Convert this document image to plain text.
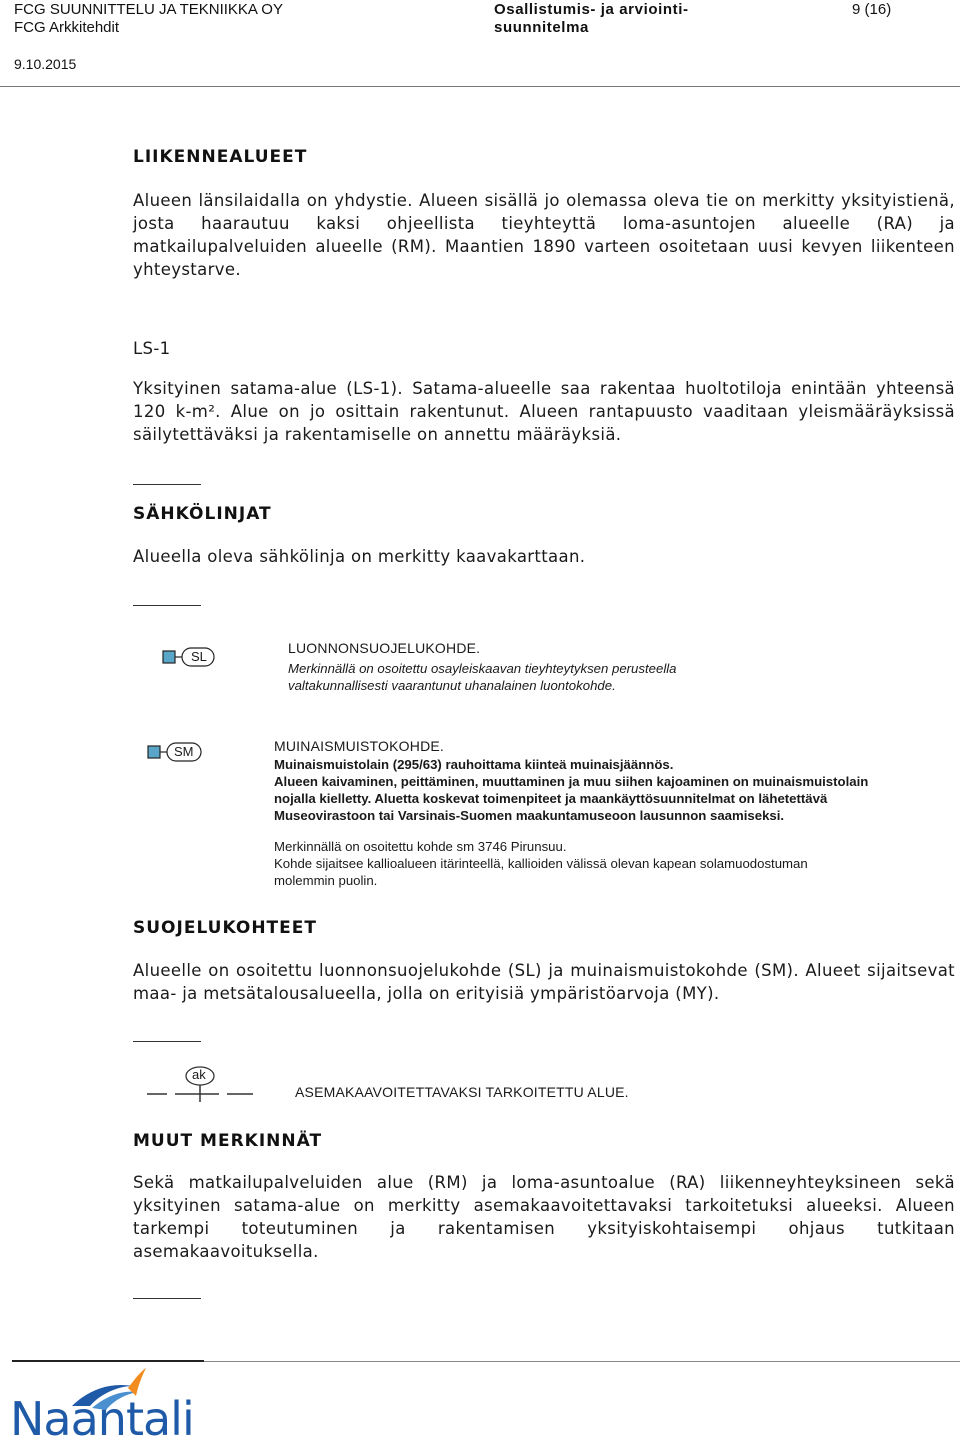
FCG SUUNNITTELU JA TEKNIIKKA OY
FCG Arkkitehdit
9.10.2015
Osallistumis- ja arviointi-
suunnitelma
9 (16)

LIIKENNEALUEET

Alueen länsilaidalla on yhdystie. Alueen sisällä jo olemassa oleva tie on merkitty yksityistienä, josta haarautuu kaksi ohjeellista tieyhteyttä loma-asuntojen alueelle (RA) ja matkailupalveluiden alueelle (RM). Maantien 1890 varteen osoitetaan uusi kevyen liikenteen yhteystarve.

LS-1

Yksityinen satama-alue (LS-1). Satama-alueelle saa rakentaa huoltotiloja enintään yhteensä 120 k-m². Alue on jo osittain rakentunut. Alueen rantapuusto vaaditaan yleismääräyksissä säilytettäväksi ja rakentamiselle on annettu määräyksiä.

SÄHKÖLINJAT

Alueella oleva sähkölinja on merkitty kaavakarttaan.

SL
LUONNONSUOJELUKOHDE.
Merkinnällä on osoitettu osayleiskaavan tieyhteytyksen perusteella
valtakunnallisesti vaarantunut uhanalainen luontokohde.
SM	MUINAISMUISTOKOHDE.
Muinaismuistolain (295/63) rauhoittama kiinteä muinaisjäännös.
Alueen kaivaminen, peittäminen, muuttaminen ja muu siihen kajoaminen on muinaismuistolain
nojalla kielletty. Aluetta koskevat toimenpiteet ja maankäyttösuunnitelmat on lähetettävä
Museovirastoon tai Varsinais-Suomen maakuntamuseoon lausunnon saamiseksi.
Merkinnällä on osoitettu kohde sm 3746 Pirunsuu.
Kohde sijaitsee kallioalueen itärinteellä, kallioiden välissä olevan kapean solamuodostuman
molemmin puolin.

SUOJELUKOHTEET

Alueelle on osoitettu luonnonsuojelukohde (SL) ja muinaismuistokohde (SM). Alueet sijaitsevat maa- ja metsätalousalueella, jolla on erityisiä ympäristöarvoja (MY).

ak
ASEMAKAAVOITETTAVAKSI TARKOITETTU ALUE.

MUUT MERKINNÄT

Sekä matkailupalveluiden alue (RM) ja loma-asuntoalue (RA) liikenneyhteyksineen sekä yksityinen satama-alue on merkitty asemakaavoitettavaksi tarkoitetuksi alueeksi. Alueen tarkempi toteutuminen ja rakentamisen yksityiskohtaisempi ohjaus tutkitaan asemakaavoituksella.

Naantali
